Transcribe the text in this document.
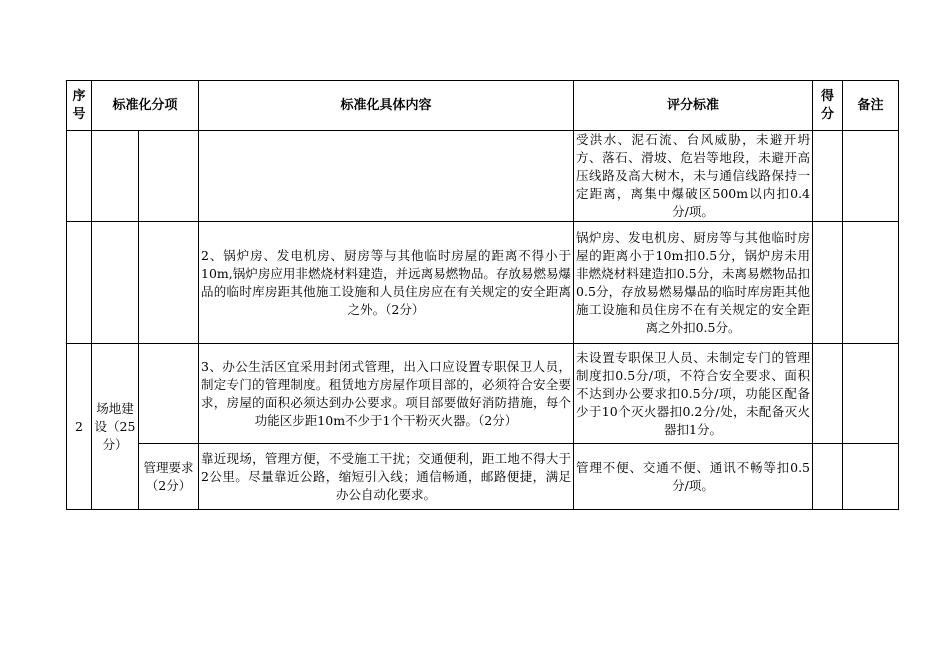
序号	标准化分项		标准化具体内容	评分标准	得分	备注
				受洪水、泥石流、台风威胁，未避开坍方、落石、滑坡、危岩等地段，未避开高压线路及高大树木，未与通信线路保持一定距离，离集中爆破区500m以内扣0.4分/项。		
			2、锅炉房、发电机房、厨房等与其他临时房屋的距离不得小于10m,锅炉房应用非燃烧材料建造，并远离易燃物品。存放易燃易爆品的临时库房距其他施工设施和人员住房应在有关规定的安全距离之外。（2分）	锅炉房、发电机房、厨房等与其他临时房屋的距离小于10m扣0.5分，锅炉房未用非燃烧材料建造扣0.5分，未离易燃物品扣0.5分，存放易燃易爆品的临时库房距其他施工设施和员住房不在有关规定的安全距离之外扣0.5分。		
2	场地建设（25分）		3、办公生活区宜采用封闭式管理，出入口应设置专职保卫人员，制定专门的管理制度。租赁地方房屋作项目部的，必须符合安全要求，房屋的面积必须达到办公要求。项目部要做好消防措施，每个功能区步距10m不少于1个干粉灭火器。（2分）	未设置专职保卫人员、未制定专门的管理制度扣0.5分/项，不符合安全要求、面积不达到办公要求扣0.5分/项，功能区配备少于10个灭火器扣0.2分/处，未配备灭火器扣1分。		
		管理要求（2分）	靠近现场，管理方便，不受施工干扰；交通便利，距工地不得大于2公里。尽量靠近公路，缩短引入线；通信畅通，邮路便捷，满足办公自动化要求。	管理不便、交通不便、通讯不畅等扣0.5分/项。		
